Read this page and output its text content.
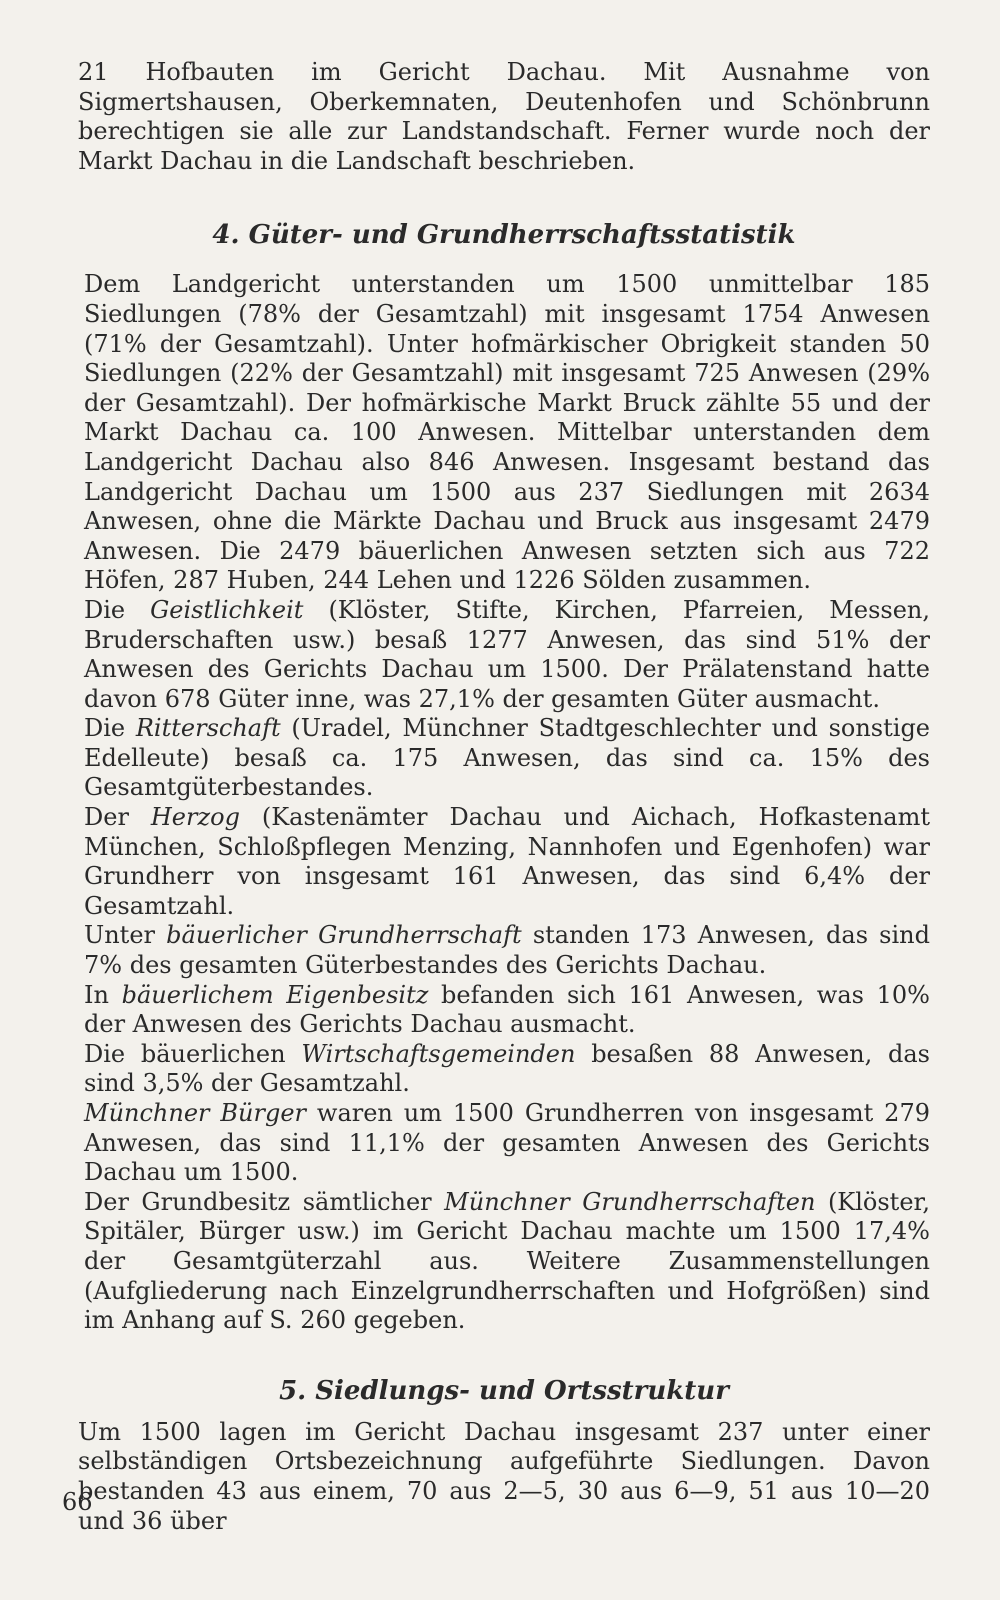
21 Hofbauten im Gericht Dachau. Mit Ausnahme von Sigmertshausen, Oberkemnaten, Deutenhofen und Schönbrunn berechtigen sie alle zur Landstandschaft. Ferner wurde noch der Markt Dachau in die Landschaft beschrieben.

4. Güter- und Grundherrschaftsstatistik

Dem Landgericht unterstanden um 1500 unmittelbar 185 Siedlungen (78% der Gesamtzahl) mit insgesamt 1754 Anwesen (71% der Gesamtzahl). Unter hofmärkischer Obrigkeit standen 50 Siedlungen (22% der Gesamtzahl) mit insgesamt 725 Anwesen (29% der Gesamtzahl). Der hofmärkische Markt Bruck zählte 55 und der Markt Dachau ca. 100 Anwesen. Mittelbar unterstanden dem Landgericht Dachau also 846 Anwesen. Insgesamt bestand das Landgericht Dachau um 1500 aus 237 Siedlungen mit 2634 Anwesen, ohne die Märkte Dachau und Bruck aus insgesamt 2479 Anwesen. Die 2479 bäuerlichen Anwesen setzten sich aus 722 Höfen, 287 Huben, 244 Lehen und 1226 Sölden zusammen.

Die Geistlichkeit (Klöster, Stifte, Kirchen, Pfarreien, Messen, Bruderschaften usw.) besaß 1277 Anwesen, das sind 51% der Anwesen des Gerichts Dachau um 1500. Der Prälatenstand hatte davon 678 Güter inne, was 27,1% der gesamten Güter ausmacht.

Die Ritterschaft (Uradel, Münchner Stadtgeschlechter und sonstige Edelleute) besaß ca. 175 Anwesen, das sind ca. 15% des Gesamtgüterbestandes.

Der Herzog (Kastenämter Dachau und Aichach, Hofkastenamt München, Schloßpflegen Menzing, Nannhofen und Egenhofen) war Grundherr von insgesamt 161 Anwesen, das sind 6,4% der Gesamtzahl.

Unter bäuerlicher Grundherrschaft standen 173 Anwesen, das sind 7% des gesamten Güterbestandes des Gerichts Dachau.

In bäuerlichem Eigenbesitz befanden sich 161 Anwesen, was 10% der Anwesen des Gerichts Dachau ausmacht.

Die bäuerlichen Wirtschaftsgemeinden besaßen 88 Anwesen, das sind 3,5% der Gesamtzahl.

Münchner Bürger waren um 1500 Grundherren von insgesamt 279 Anwesen, das sind 11,1% der gesamten Anwesen des Gerichts Dachau um 1500.

Der Grundbesitz sämtlicher Münchner Grundherrschaften (Klöster, Spitäler, Bürger usw.) im Gericht Dachau machte um 1500 17,4% der Gesamtgüterzahl aus. Weitere Zusammenstellungen (Aufgliederung nach Einzelgrundherrschaften und Hofgrößen) sind im Anhang auf S. 260 gegeben.

5. Siedlungs- und Ortsstruktur

Um 1500 lagen im Gericht Dachau insgesamt 237 unter einer selbständigen Ortsbezeichnung aufgeführte Siedlungen. Davon bestanden 43 aus einem, 70 aus 2—5, 30 aus 6—9, 51 aus 10—20 und 36 über

66
